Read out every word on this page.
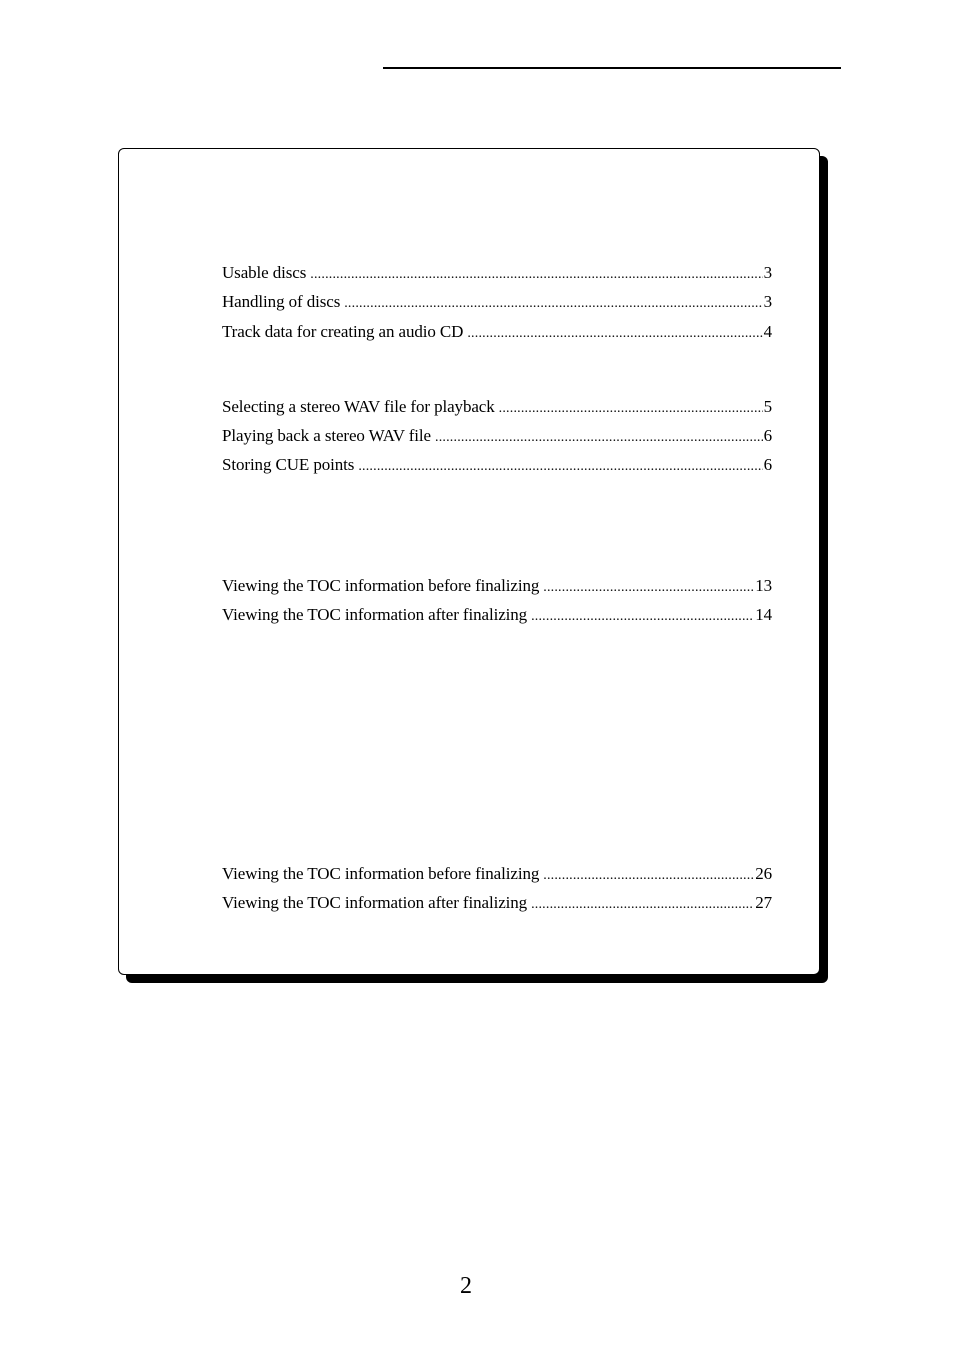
Usable discs .....	3
Handling of discs .....	3
Track data for creating an audio CD .....	4
Selecting a stereo WAV file for playback .....	5
Playing back a stereo WAV file .....	6
Storing CUE points .....	6
Viewing the TOC information before finalizing .....	13
Viewing the TOC information after finalizing .....	14
Viewing the TOC information before finalizing .....	26
Viewing the TOC information after finalizing .....	27
2
